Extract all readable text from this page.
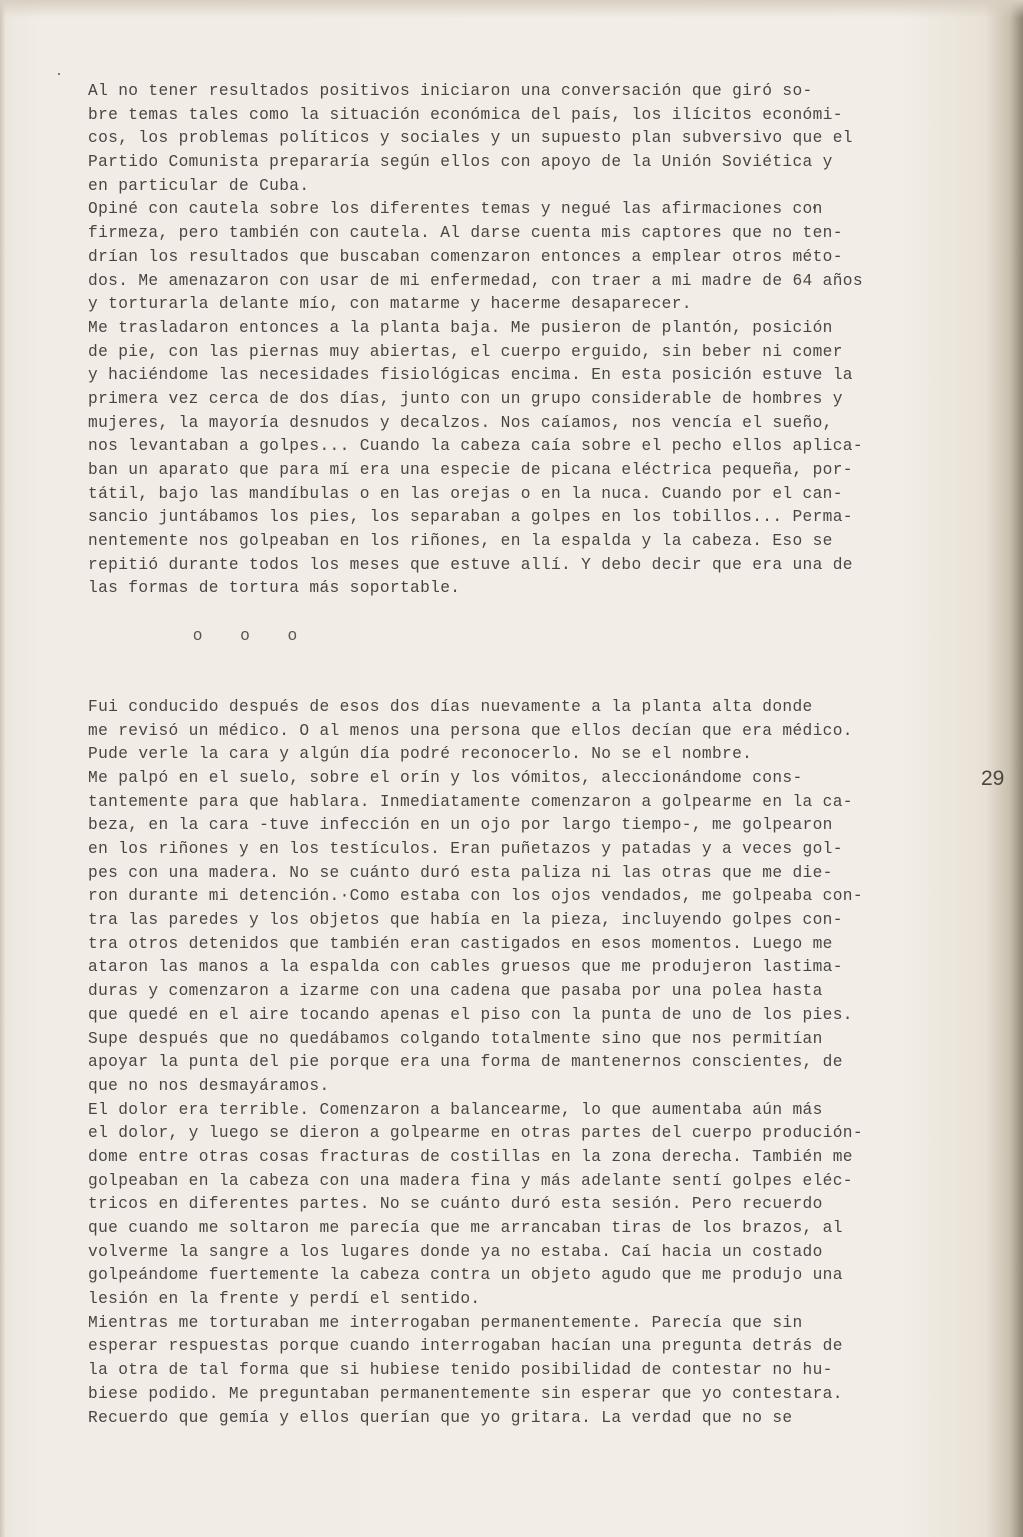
Al no tener resultados positivos iniciaron una conversación que giró so-
bre temas tales como la situación económica del país, los ilícitos económi-
cos, los problemas políticos y sociales y un supuesto plan subversivo que el
Partido Comunista prepararía según ellos con apoyo de la Unión Soviética y
en particular de Cuba.
Opiné con cautela sobre los diferentes temas y negué las afirmaciones con
firmeza, pero también con cautela. Al darse cuenta mis captores que no ten-
drían los resultados que buscaban comenzaron entonces a emplear otros méto-
dos. Me amenazaron con usar de mi enfermedad, con traer a mi madre de 64 años
y torturarla delante mío, con matarme y hacerme desaparecer.
Me trasladaron entonces a la planta baja. Me pusieron de plantón, posición
de pie, con las piernas muy abiertas, el cuerpo erguido, sin beber ni comer
y haciéndome las necesidades fisiológicas encima. En esta posición estuve la
primera vez cerca de dos días, junto con un grupo considerable de hombres y
mujeres, la mayoría desnudos y decalzos. Nos caíamos, nos vencía el sueño,
nos levantaban a golpes... Cuando la cabeza caía sobre el pecho ellos aplica-
ban un aparato que para mí era una especie de picana eléctrica pequeña, por-
tátil, bajo las mandíbulas o en las orejas o en la nuca. Cuando por el can-
sancio juntábamos los pies, los separaban a golpes en los tobillos... Perma-
nentemente nos golpeaban en los riñones, en la espalda y la cabeza. Eso se
repitió durante todos los meses que estuve allí. Y debo decir que era una de
las formas de tortura más soportable.
o o o
Fui conducido después de esos dos días nuevamente a la planta alta donde
me revisó un médico. O al menos una persona que ellos decían que era médico.
Pude verle la cara y algún día podré reconocerlo. No se el nombre.
Me palpó en el suelo, sobre el orín y los vómitos, aleccionándome cons-
tantemente para que hablara. Inmediatamente comenzaron a golpearme en la ca-
beza, en la cara -tuve infección en un ojo por largo tiempo-, me golpearon
en los riñones y en los testículos. Eran puñetazos y patadas y a veces gol-
pes con una madera. No se cuánto duró esta paliza ni las otras que me die-
ron durante mi detención.·Como estaba con los ojos vendados, me golpeaba con-
tra las paredes y los objetos que había en la pieza, incluyendo golpes con-
tra otros detenidos que también eran castigados en esos momentos. Luego me
ataron las manos a la espalda con cables gruesos que me produjeron lastima-
duras y comenzaron a izarme con una cadena que pasaba por una polea hasta
que quedé en el aire tocando apenas el piso con la punta de uno de los pies.
Supe después que no quedábamos colgando totalmente sino que nos permitían
apoyar la punta del pie porque era una forma de mantenernos conscientes, de
que no nos desmayáramos.
El dolor era terrible. Comenzaron a balancearme, lo que aumentaba aún más
el dolor, y luego se dieron a golpearme en otras partes del cuerpo produción-
dome entre otras cosas fracturas de costillas en la zona derecha. También me
golpeaban en la cabeza con una madera fina y más adelante sentí golpes eléc-
tricos en diferentes partes. No se cuánto duró esta sesión. Pero recuerdo
que cuando me soltaron me parecía que me arrancaban tiras de los brazos, al
volverme la sangre a los lugares donde ya no estaba. Caí hacia un costado
golpeándome fuertemente la cabeza contra un objeto agudo que me produjo una
lesión en la frente y perdí el sentido.
Mientras me torturaban me interrogaban permanentemente. Parecía que sin
esperar respuestas porque cuando interrogaban hacían una pregunta detrás de
la otra de tal forma que si hubiese tenido posibilidad de contestar no hu-
biese podido. Me preguntaban permanentemente sin esperar que yo contestara.
Recuerdo que gemía y ellos querían que yo gritara. La verdad que no se
29
